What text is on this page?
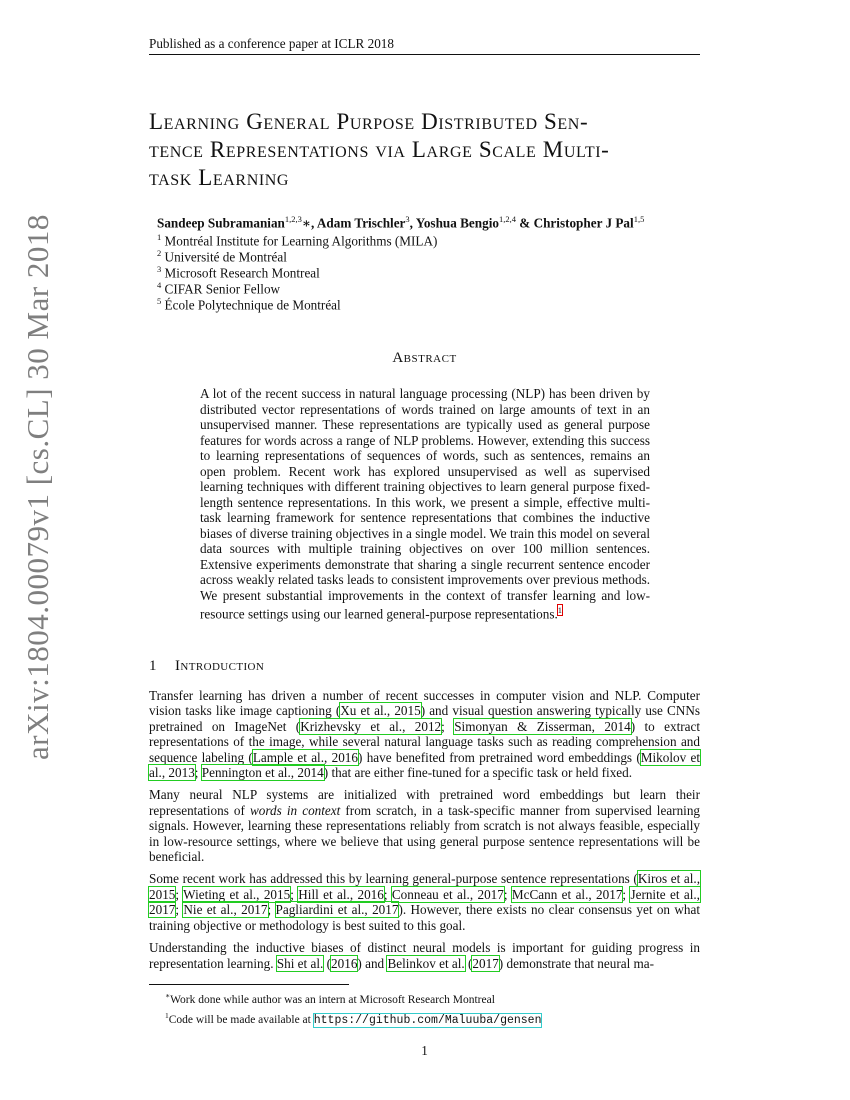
arXiv:1804.00079v1 [cs.CL] 30 Mar 2018
Published as a conference paper at ICLR 2018
Learning General Purpose Distributed Sen-
tence Representations via Large Scale Multi-
task Learning
Sandeep Subramanian$^{1,2,3}$∗, Adam Trischler$^3$, Yoshua Bengio$^{1,2,4}$ & Christopher J Pal$^{1,5}$
$^1$ Montréal Institute for Learning Algorithms (MILA)
$^2$ Université de Montréal
$^3$ Microsoft Research Montreal
$^4$ CIFAR Senior Fellow
$^5$ École Polytechnique de Montréal
Abstract
A lot of the recent success in natural language processing (NLP) has been driven by distributed vector representations of words trained on large amounts of text in an unsupervised manner. These representations are typically used as general purpose features for words across a range of NLP problems. However, extending this success to learning representations of sequences of words, such as sentences, remains an open problem. Recent work has explored unsupervised as well as supervised learning techniques with different training objectives to learn general purpose fixed-length sentence representations. In this work, we present a simple, effective multi-task learning framework for sentence representations that combines the inductive biases of diverse training objectives in a single model. We train this model on several data sources with multiple training objectives on over 100 million sentences. Extensive experiments demonstrate that sharing a single recurrent sentence encoder across weakly related tasks leads to consistent improvements over previous methods. We present substantial improvements in the context of transfer learning and low-resource settings using our learned general-purpose representations.$^1$
1 Introduction

Transfer learning has driven a number of recent successes in computer vision and NLP. Computer vision tasks like image captioning (Xu et al., 2015) and visual question answering typically use CNNs pretrained on ImageNet (Krizhevsky et al., 2012; Simonyan & Zisserman, 2014) to extract representations of the image, while several natural language tasks such as reading comprehension and sequence labeling (Lample et al., 2016) have benefited from pretrained word embeddings (Mikolov et al., 2013; Pennington et al., 2014) that are either fine-tuned for a specific task or held fixed.

Many neural NLP systems are initialized with pretrained word embeddings but learn their representations of words in context from scratch, in a task-specific manner from supervised learning signals. However, learning these representations reliably from scratch is not always feasible, especially in low-resource settings, where we believe that using general purpose sentence representations will be beneficial.

Some recent work has addressed this by learning general-purpose sentence representations (Kiros et al., 2015; Wieting et al., 2015; Hill et al., 2016; Conneau et al., 2017; McCann et al., 2017; Jernite et al., 2017; Nie et al., 2017; Pagliardini et al., 2017). However, there exists no clear consensus yet on what training objective or methodology is best suited to this goal.

Understanding the inductive biases of distinct neural models is important for guiding progress in representation learning. Shi et al. (2016) and Belinkov et al. (2017) demonstrate that neural ma-

∗Work done while author was an intern at Microsoft Research Montreal
$^1$Code will be made available at https://github.com/Maluuba/gensen
1
